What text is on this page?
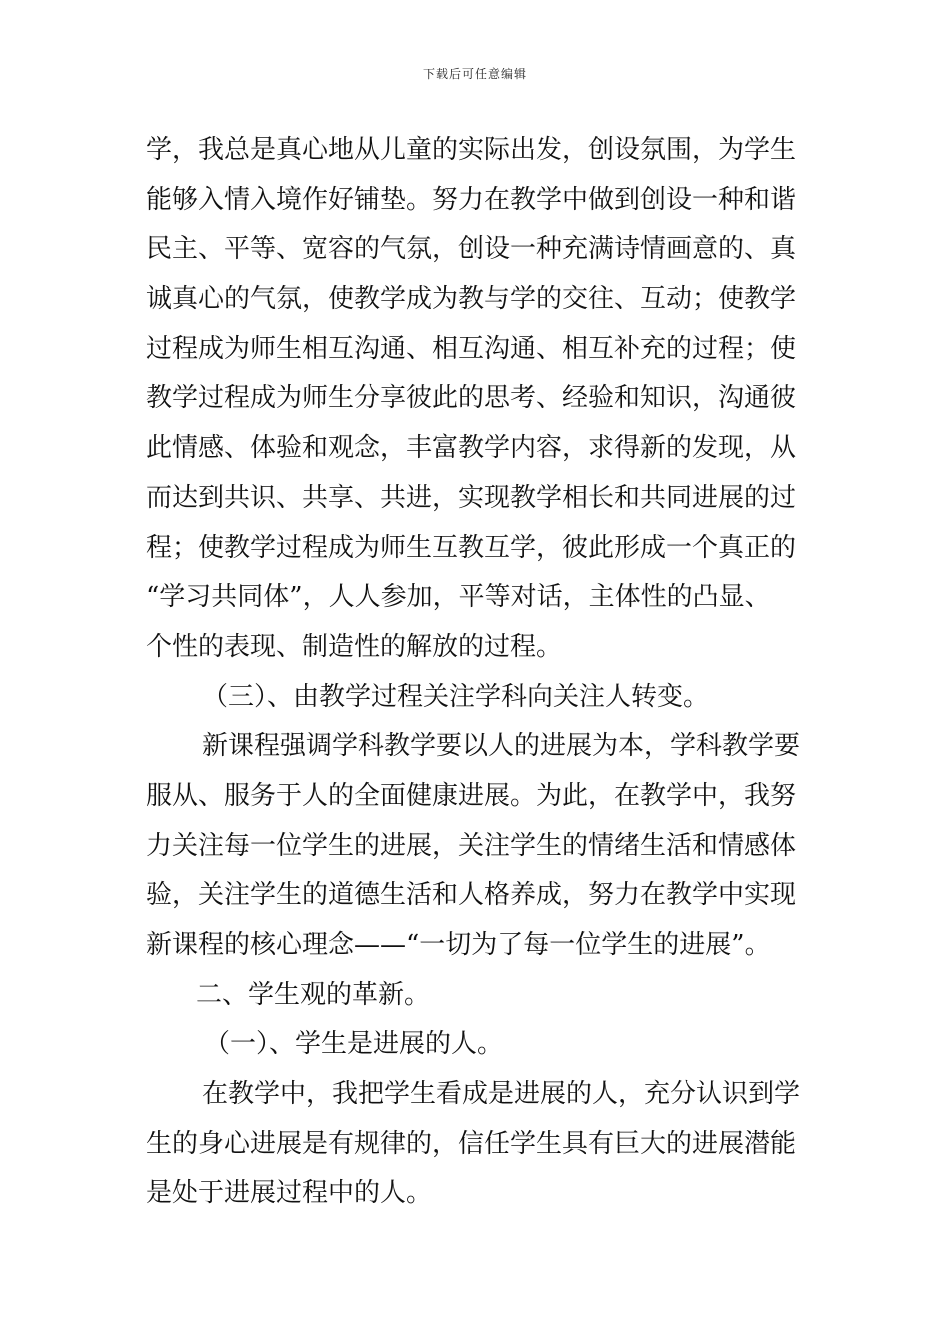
下载后可任意编辑
学，我总是真心地从儿童的实际出发，创设氛围，为学生
能够入情入境作好铺垫。努力在教学中做到创设一种和谐
民主、平等、宽容的气氛，创设一种充满诗情画意的、真
诚真心的气氛，使教学成为教与学的交往、互动；使教学
过程成为师生相互沟通、相互沟通、相互补充的过程；使
教学过程成为师生分享彼此的思考、经验和知识，沟通彼
此情感、体验和观念，丰富教学内容，求得新的发现，从
而达到共识、共享、共进，实现教学相长和共同进展的过
程；使教学过程成为师生互教互学，彼此形成一个真正的
“学习共同体”，人人参加，平等对话，主体性的凸显、
个性的表现、制造性的解放的过程。
（三）、由教学过程关注学科向关注人转变。
新课程强调学科教学要以人的进展为本，学科教学要
服从、服务于人的全面健康进展。为此，在教学中，我努
力关注每一位学生的进展，关注学生的情绪生活和情感体
验，关注学生的道德生活和人格养成，努力在教学中实现
新课程的核心理念——“一切为了每一位学生的进展”。
二、学生观的革新。
（一）、学生是进展的人。
在教学中，我把学生看成是进展的人，充分认识到学
生的身心进展是有规律的，信任学生具有巨大的进展潜能
是处于进展过程中的人。
